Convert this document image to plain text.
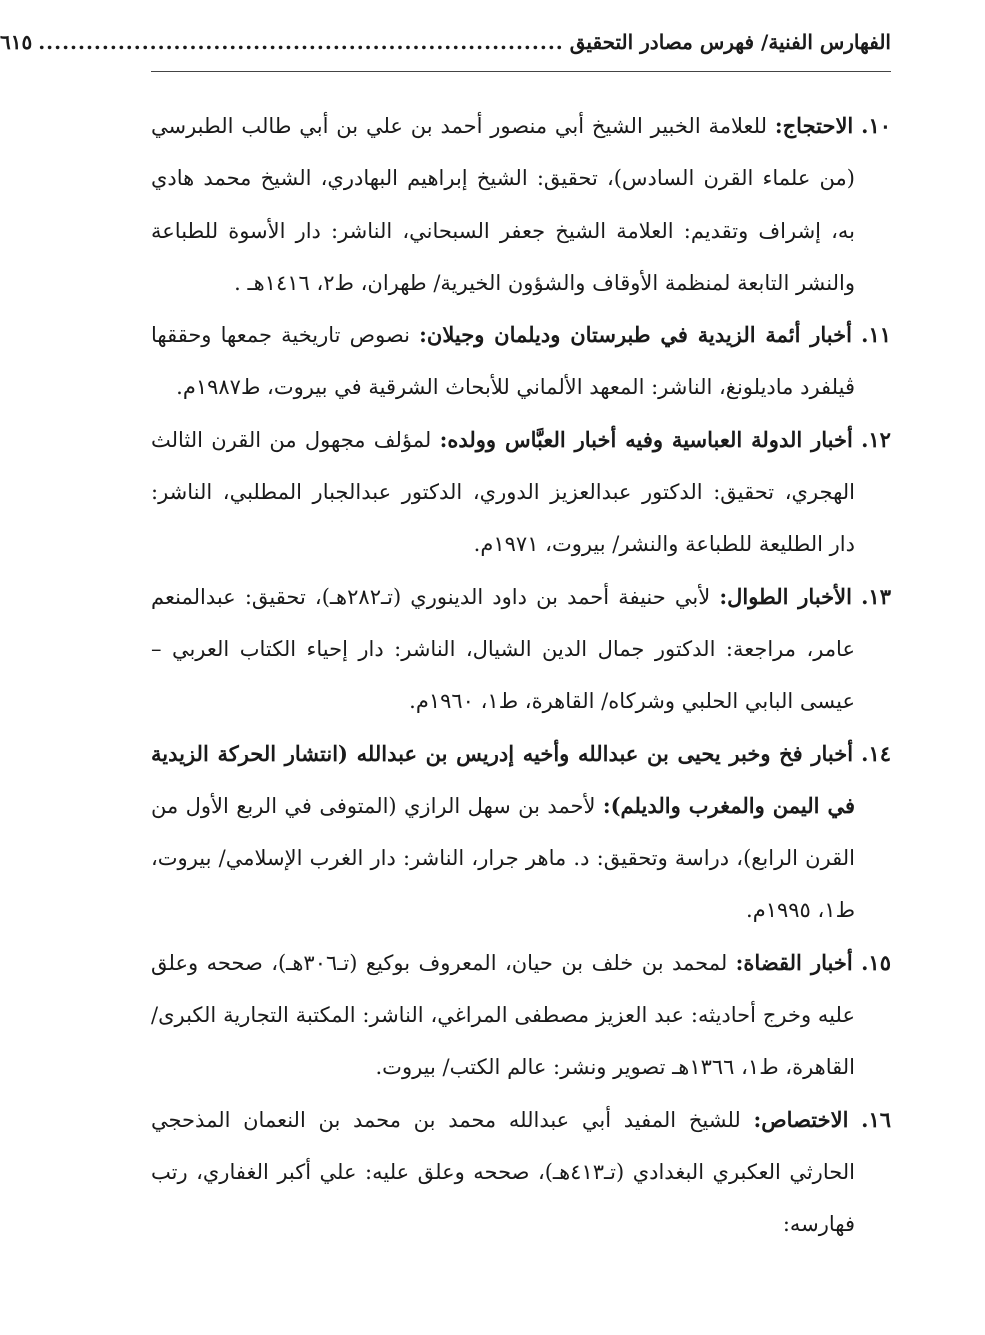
الفهارس الفنية/ فهرس مصادر التحقيق
..................................................................
٦١٥

١٠. الاحتجاج: للعلامة الخبير الشيخ أبي منصور أحمد بن علي بن أبي طالب الطبرسي (من علماء القرن السادس)، تحقيق: الشيخ إبراهيم البهادري، الشيخ محمد هادي به، إشراف وتقديم: العلامة الشيخ جعفر السبحاني، الناشر: دار الأسوة للطباعة والنشر التابعة لمنظمة الأوقاف والشؤون الخيرية/ طهران، ط٢، ١٤١٦هـ .

١١. أخبار أئمة الزيدية في طبرستان وديلمان وجيلان: نصوص تاريخية جمعها وحققها ڤيلفرد ماديلونغ، الناشر: المعهد الألماني للأبحاث الشرقية في بيروت، ط١٩٨٧م.

١٢. أخبار الدولة العباسية وفيه أخبار العبَّاس وولده: لمؤلف مجهول من القرن الثالث الهجري، تحقيق: الدكتور عبدالعزيز الدوري، الدكتور عبدالجبار المطلبي، الناشر: دار الطليعة للطباعة والنشر/ بيروت، ١٩٧١م.

١٣. الأخبار الطوال: لأبي حنيفة أحمد بن داود الدينوري (تـ٢٨٢هـ)، تحقيق: عبدالمنعم عامر، مراجعة: الدكتور جمال الدين الشيال، الناشر: دار إحياء الكتاب العربي – عيسى البابي الحلبي وشركاه/ القاهرة، ط١، ١٩٦٠م.

١٤. أخبار فخ وخبر يحيى بن عبدالله وأخيه إدريس بن عبدالله (انتشار الحركة الزيدية في اليمن والمغرب والديلم): لأحمد بن سهل الرازي (المتوفى في الربع الأول من القرن الرابع)، دراسة وتحقيق: د. ماهر جرار، الناشر: دار الغرب الإسلامي/ بيروت، ط١، ١٩٩٥م.

١٥. أخبار القضاة: لمحمد بن خلف بن حيان، المعروف بوكيع (تـ٣٠٦هـ)، صححه وعلق عليه وخرج أحاديثه: عبد العزيز مصطفى المراغي، الناشر: المكتبة التجارية الكبرى/ القاهرة، ط١، ١٣٦٦هـ تصوير ونشر: عالم الكتب/ بيروت.

١٦. الاختصاص: للشيخ المفيد أبي عبدالله محمد بن محمد بن النعمان المذحجي الحارثي العكبري البغدادي (تـ٤١٣هـ)، صححه وعلق عليه: علي أكبر الغفاري، رتب فهارسه:
